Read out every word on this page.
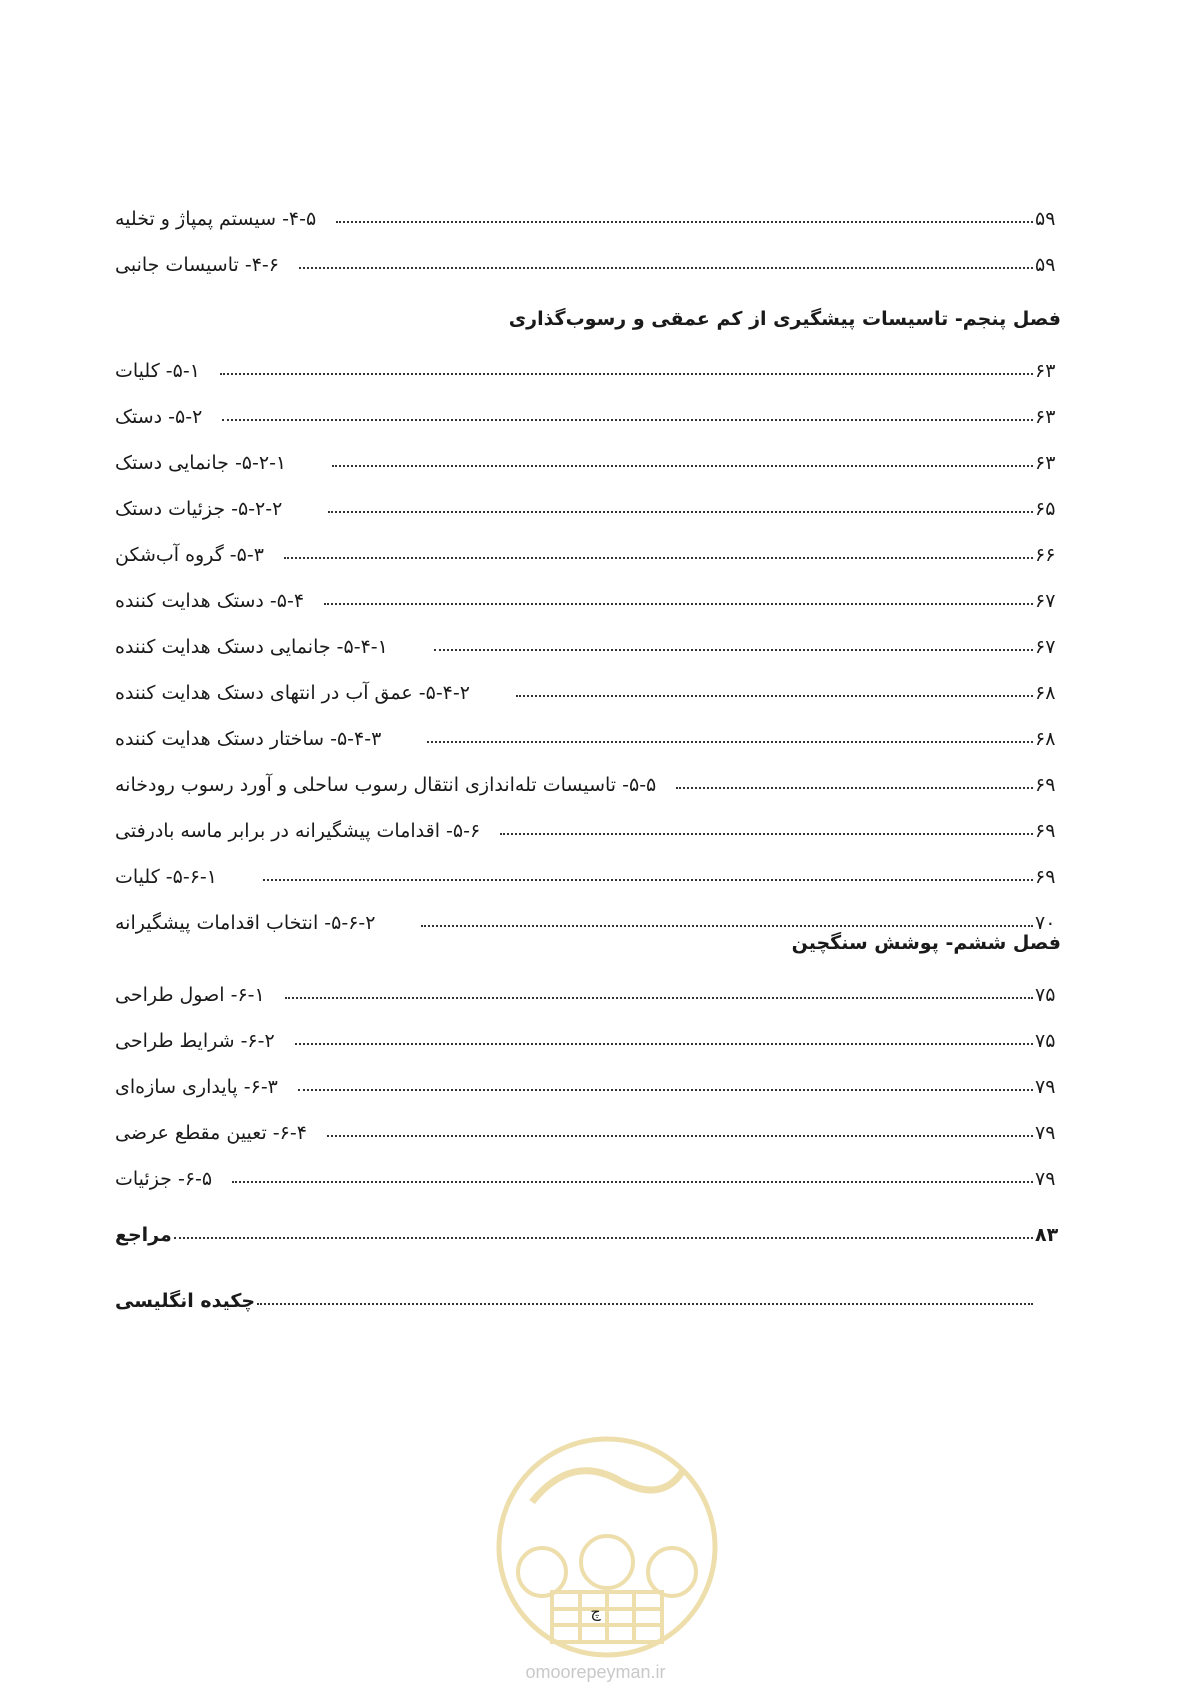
۴-۵- سیستم پمپاژ و تخلیه	۵۹
۴-۶- تاسیسات جانبی	۵۹
فصل پنجم- تاسیسات پیشگیری از کم عمقی و رسوب‌گذاری
۵-۱- کلیات	۶۳
۵-۲- دستک	۶۳
۵-۲-۱- جانمایی دستک	۶۳
۵-۲-۲- جزئیات دستک	۶۵
۵-۳- گروه آب‌شکن	۶۶
۵-۴- دستک هدایت کننده	۶۷
۵-۴-۱- جانمایی دستک هدایت کننده	۶۷
۵-۴-۲- عمق آب در انتهای دستک هدایت کننده	۶۸
۵-۴-۳- ساختار دستک هدایت کننده	۶۸
۵-۵- تاسیسات تله‌اندازی انتقال رسوب ساحلی و آورد رسوب رودخانه	۶۹
۵-۶- اقدامات پیشگیرانه در برابر ماسه بادرفتی	۶۹
۵-۶-۱- کلیات	۶۹
۵-۶-۲- انتخاب اقدامات پیشگیرانه	۷۰
فصل ششم- پوشش سنگچین
۶-۱- اصول طراحی	۷۵
۶-۲- شرایط طراحی	۷۵
۶-۳- پایداری سازه‌ای	۷۹
۶-۴- تعیین مقطع عرضی	۷۹
۶-۵- جزئیات	۷۹
مراجع	۸۳
چکیده انگلیسی
چ
omoorepeyman.ir
